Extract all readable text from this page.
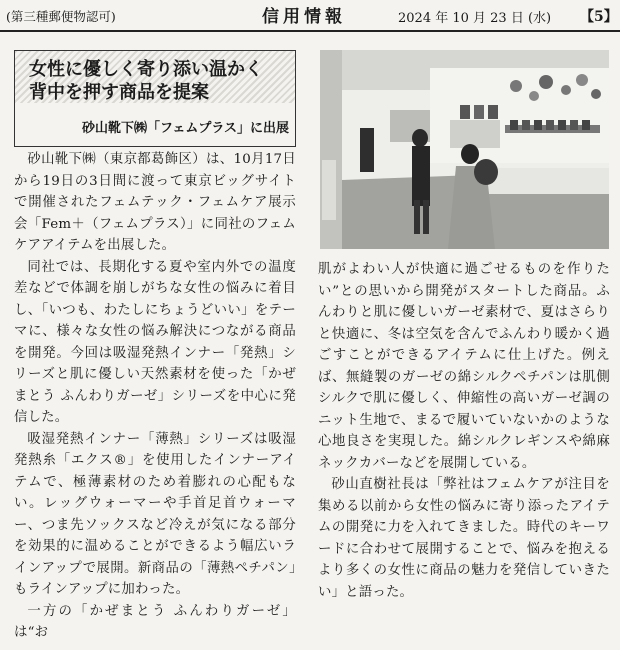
(第三種郵便物認可)	信用情報	2024 年 10 月 23 日 (水) 【5】
女性に優しく寄り添い温かく
背中を押す商品を提案
砂山靴下㈱「フェムプラス」に出展

砂山靴下㈱（東京都葛飾区）は、10月17日から19日の3日間に渡って東京ビッグサイトで開催されたフェムテック・フェムケア展示会「Fem＋（フェムプラス）」に同社のフェムケアアイテムを出展した。

同社では、長期化する夏や室内外での温度差などで体調を崩しがちな女性の悩みに着目し、「いつも、わたしにちょうどいい」をテーマに、様々な女性の悩み解決につながる商品を開発。今回は吸湿発熱インナー「発熱」シリーズと肌に優しい天然素材を使った「かぜまとう ふんわりガーゼ」シリーズを中心に発信した。

吸湿発熱インナー「薄熱」シリーズは吸湿発熱糸「エクス®」を使用したインナーアイテムで、極薄素材のため着膨れの心配もない。レッグウォーマーや手首足首ウォーマー、つま先ソックスなど冷えが気になる部分を効果的に温めることができるよう幅広いラインアップで展開。新商品の「薄熱ペチパン」もラインアップに加わった。

一方の「かぜまとう ふんわりガーゼ」は“お

肌がよわい人が快適に過ごせるものを作りたい”との思いから開発がスタートした商品。ふんわりと肌に優しいガーゼ素材で、夏はさらりと快適に、冬は空気を含んでふんわり暖かく過ごすことができるアイテムに仕上げた。例えば、無縫製のガーゼの綿シルクペチパンは肌側シルクで肌に優しく、伸縮性の高いガーゼ調のニット生地で、まるで履いていないかのような心地良さを実現した。綿シルクレギンスや綿麻ネックカバーなどを展開している。

砂山直樹社長は「弊社はフェムケアが注目を集める以前から女性の悩みに寄り添ったアイテムの開発に力を入れてきました。時代のキーワードに合わせて展開することで、悩みを抱えるより多くの女性に商品の魅力を発信していきたい」と語った。
